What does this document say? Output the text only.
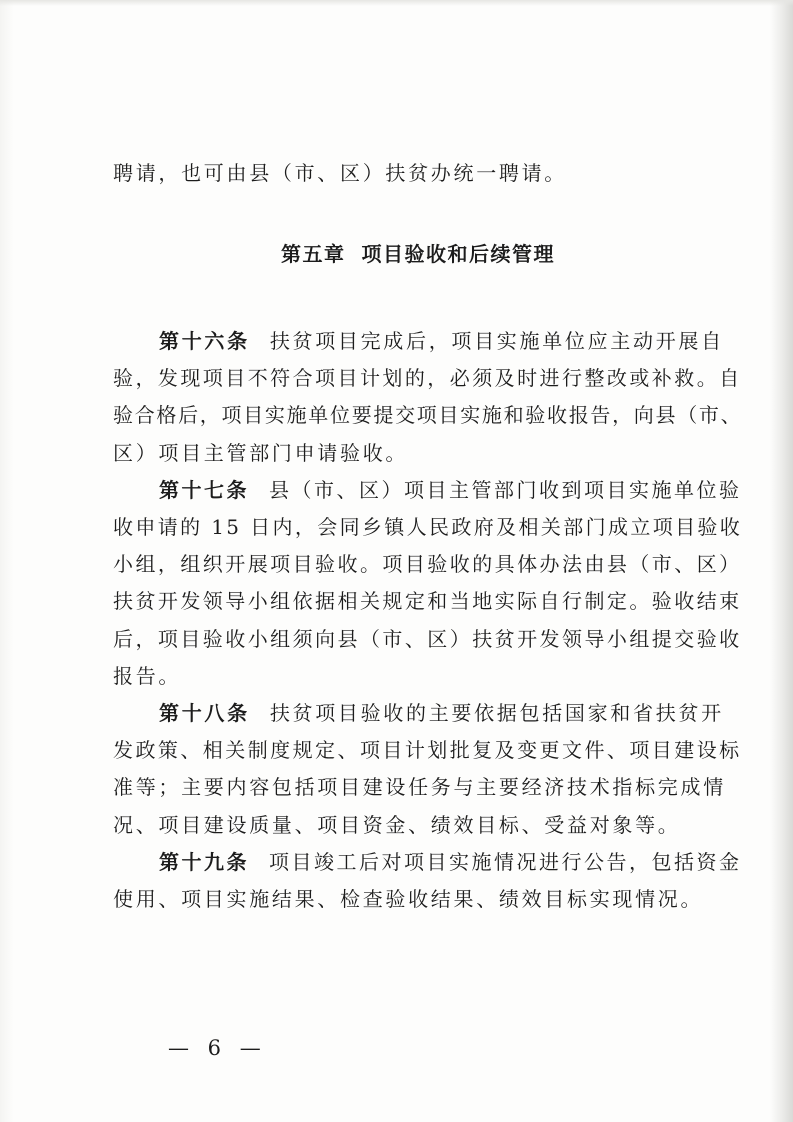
聘请，也可由县（市、区）扶贫办统一聘请。
第五章 项目验收和后续管理
第十六条 扶贫项目完成后，项目实施单位应主动开展自
验，发现项目不符合项目计划的，必须及时进行整改或补救。自
验合格后，项目实施单位要提交项目实施和验收报告，向县（市、
区）项目主管部门申请验收。
第十七条 县（市、区）项目主管部门收到项目实施单位验
收申请的 15 日内，会同乡镇人民政府及相关部门成立项目验收
小组，组织开展项目验收。项目验收的具体办法由县（市、区）
扶贫开发领导小组依据相关规定和当地实际自行制定。验收结束
后，项目验收小组须向县（市、区）扶贫开发领导小组提交验收
报告。
第十八条 扶贫项目验收的主要依据包括国家和省扶贫开
发政策、相关制度规定、项目计划批复及变更文件、项目建设标
准等；主要内容包括项目建设任务与主要经济技术指标完成情
况、项目建设质量、项目资金、绩效目标、受益对象等。
第十九条 项目竣工后对项目实施情况进行公告，包括资金
使用、项目实施结果、检查验收结果、绩效目标实现情况。
— 6 —
